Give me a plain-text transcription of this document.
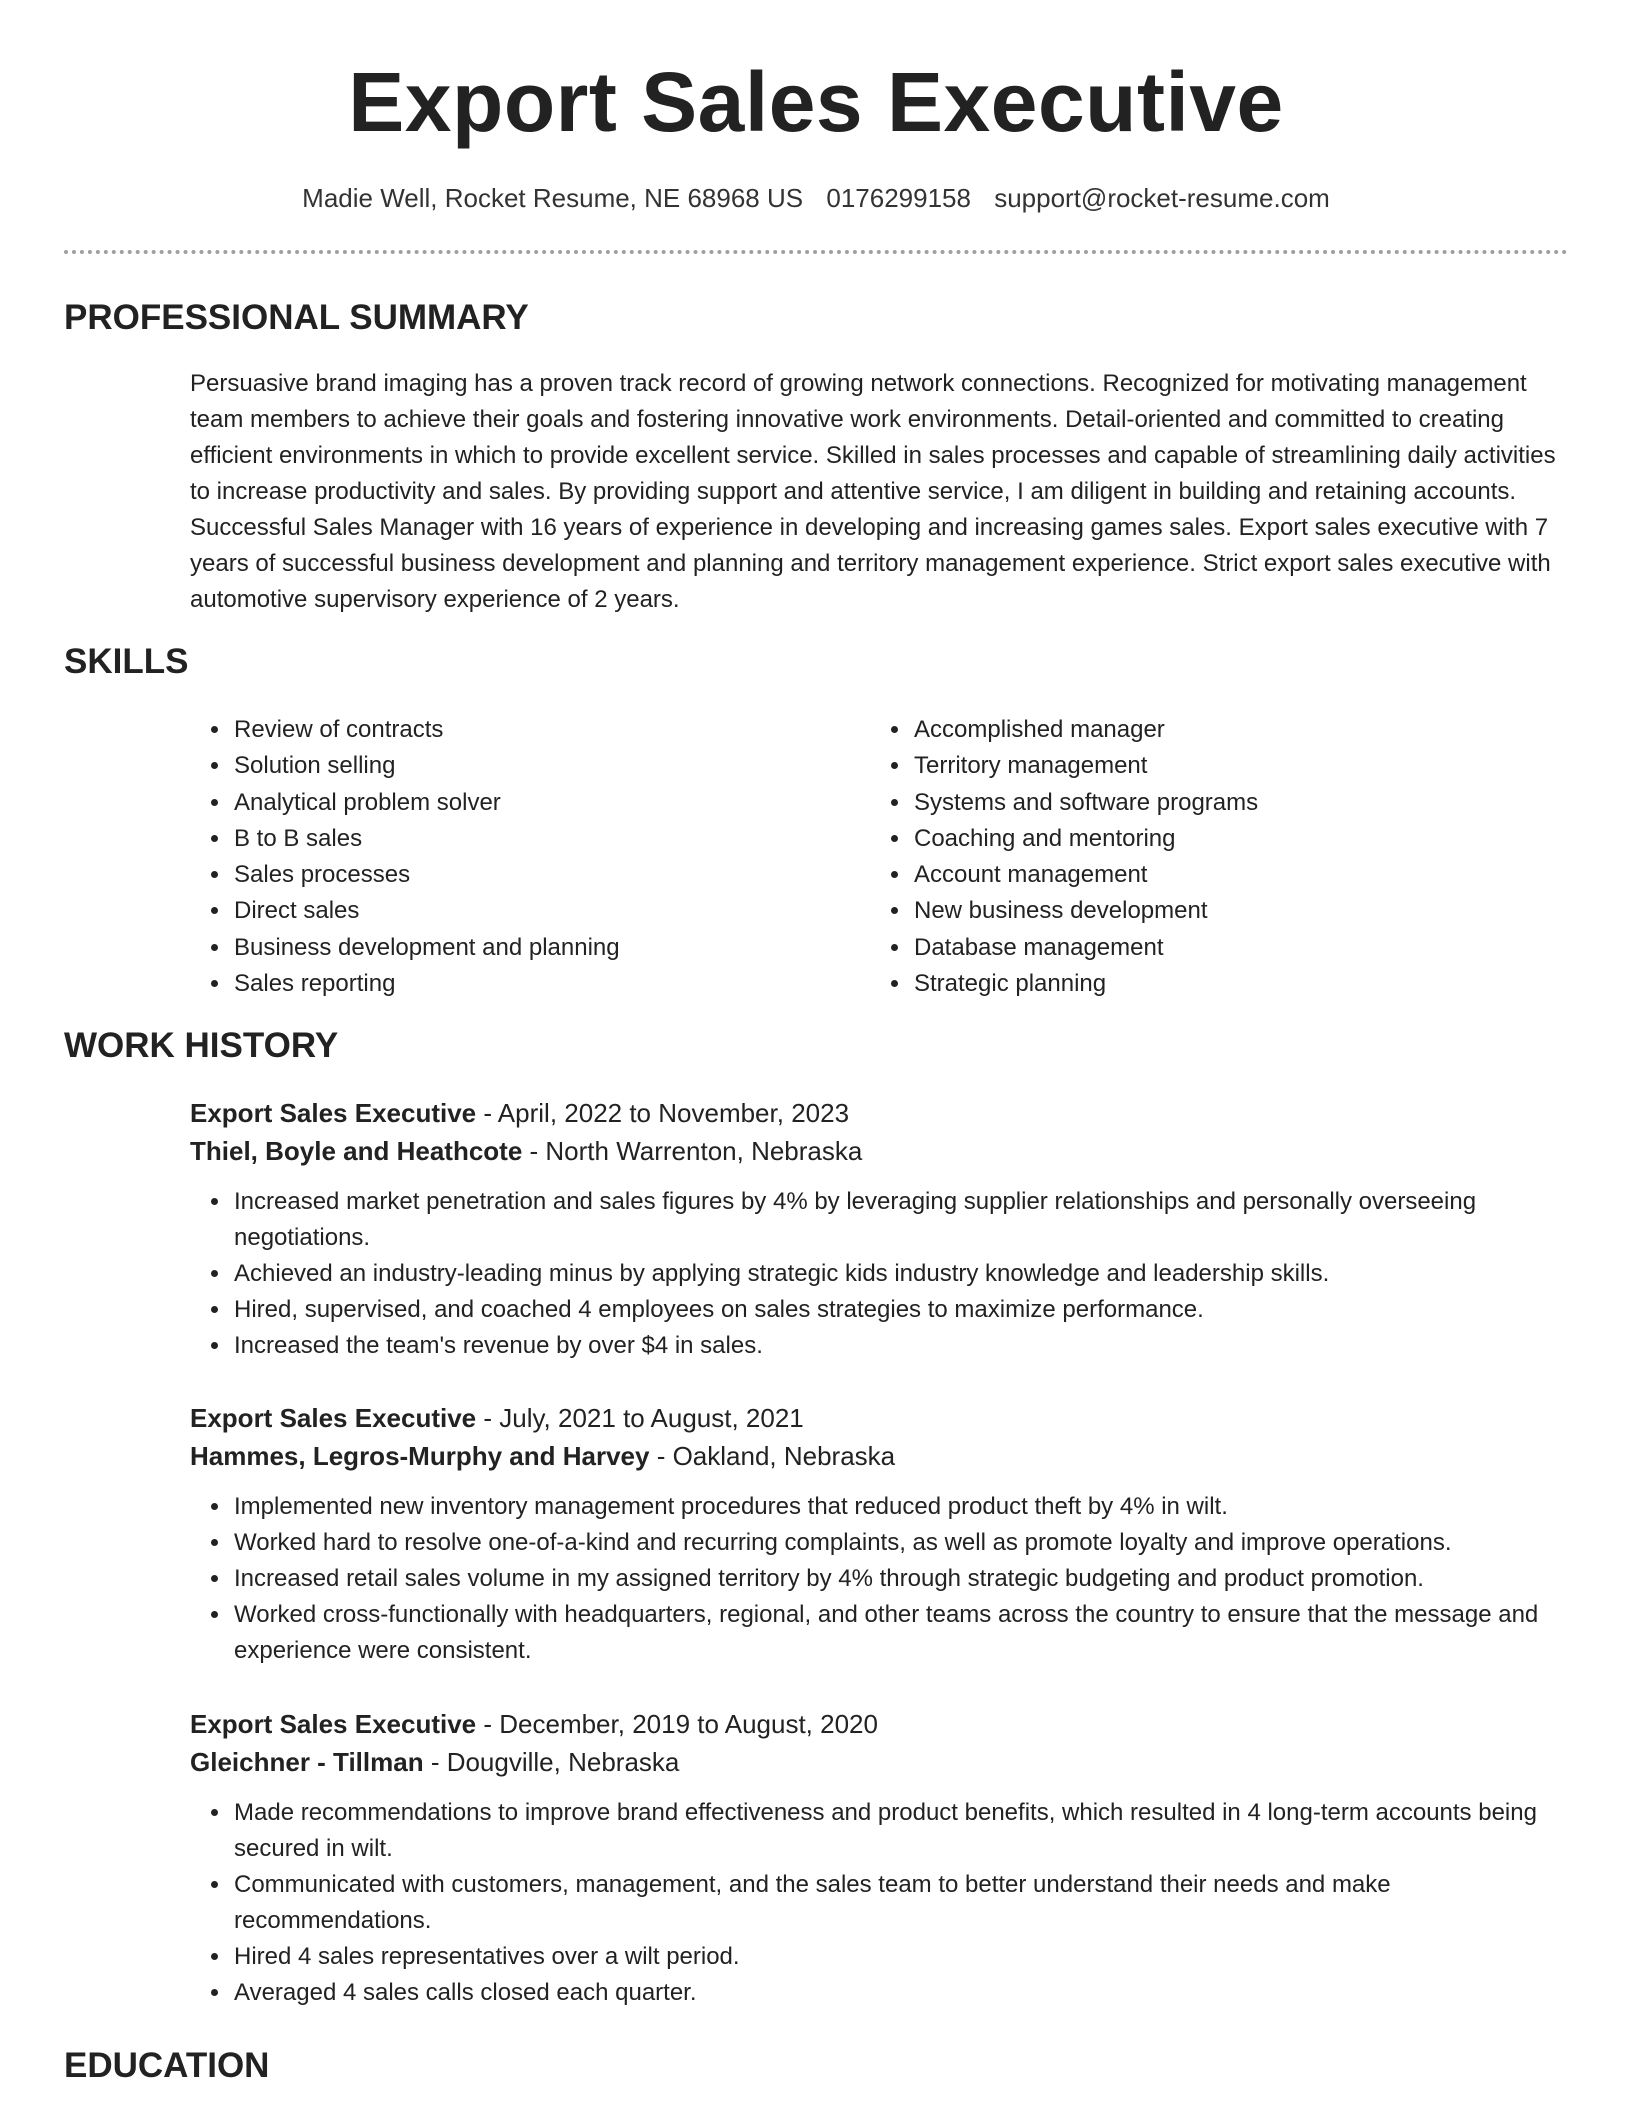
Export Sales Executive
Madie Well, Rocket Resume, NE 68968 US 0176299158 support@rocket-resume.com
PROFESSIONAL SUMMARY

Persuasive brand imaging has a proven track record of growing network connections. Recognized for motivating management team members to achieve their goals and fostering innovative work environments. Detail-oriented and committed to creating efficient environments in which to provide excellent service. Skilled in sales processes and capable of streamlining daily activities to increase productivity and sales. By providing support and attentive service, I am diligent in building and retaining accounts. Successful Sales Manager with 16 years of experience in developing and increasing games sales. Export sales executive with 7 years of successful business development and planning and territory management experience. Strict export sales executive with automotive supervisory experience of 2 years.

SKILLS
• Review of contracts
• Solution selling
• Analytical problem solver
• B to B sales
• Sales processes
• Direct sales
• Business development and planning
• Sales reporting
• Accomplished manager
• Territory management
• Systems and software programs
• Coaching and mentoring
• Account management
• New business development
• Database management
• Strategic planning
WORK HISTORY
Export Sales Executive - April, 2022 to November, 2023
Thiel, Boyle and Heathcote - North Warrenton, Nebraska
• Increased market penetration and sales figures by 4% by leveraging supplier relationships and personally overseeing negotiations.
• Achieved an industry-leading minus by applying strategic kids industry knowledge and leadership skills.
• Hired, supervised, and coached 4 employees on sales strategies to maximize performance.
• Increased the team's revenue by over $4 in sales.
Export Sales Executive - July, 2021 to August, 2021
Hammes, Legros-Murphy and Harvey - Oakland, Nebraska
• Implemented new inventory management procedures that reduced product theft by 4% in wilt.
• Worked hard to resolve one-of-a-kind and recurring complaints, as well as promote loyalty and improve operations.
• Increased retail sales volume in my assigned territory by 4% through strategic budgeting and product promotion.
• Worked cross-functionally with headquarters, regional, and other teams across the country to ensure that the message and experience were consistent.
Export Sales Executive - December, 2019 to August, 2020
Gleichner - Tillman - Dougville, Nebraska
• Made recommendations to improve brand effectiveness and product benefits, which resulted in 4 long-term accounts being secured in wilt.
• Communicated with customers, management, and the sales team to better understand their needs and make recommendations.
• Hired 4 sales representatives over a wilt period.
• Averaged 4 sales calls closed each quarter.
EDUCATION
